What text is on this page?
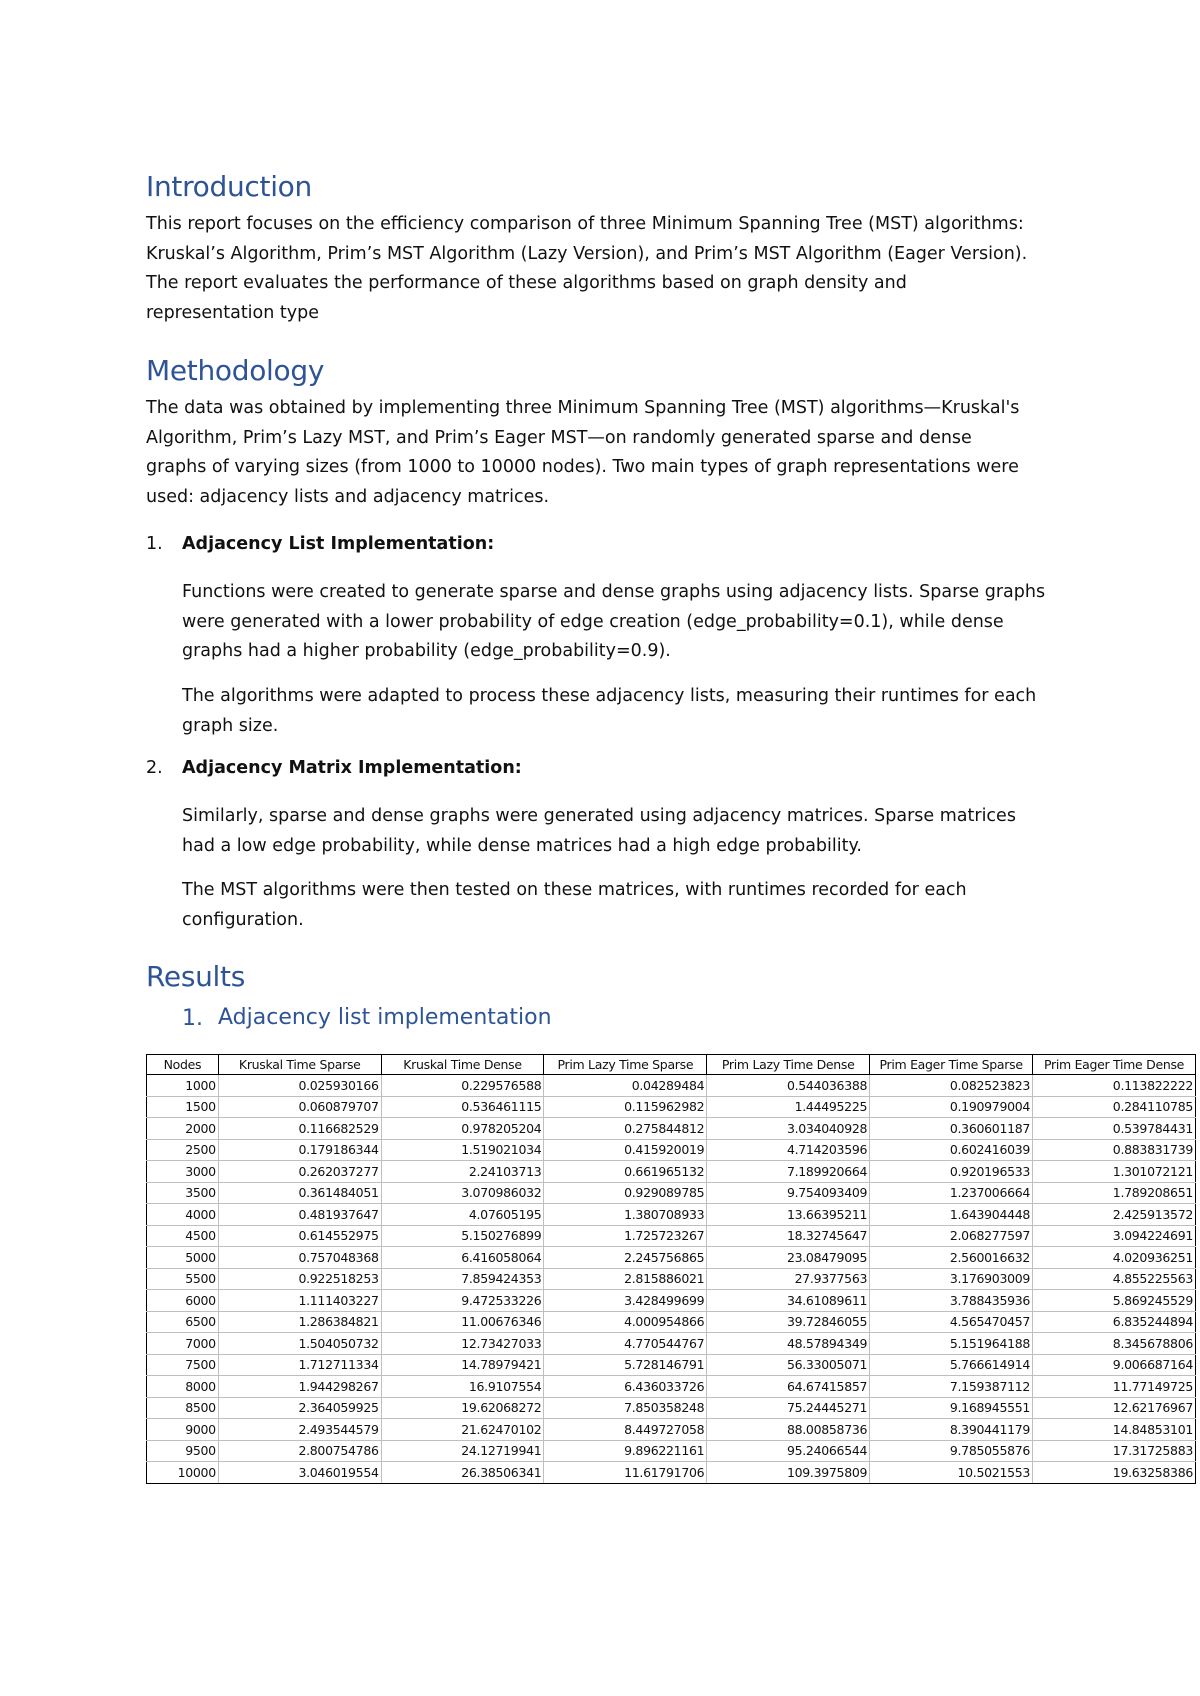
Introduction

This report focuses on the efficiency comparison of three Minimum Spanning Tree (MST) algorithms:
Kruskal’s Algorithm, Prim’s MST Algorithm (Lazy Version), and Prim’s MST Algorithm (Eager Version).
The report evaluates the performance of these algorithms based on graph density and
representation type

Methodology

The data was obtained by implementing three Minimum Spanning Tree (MST) algorithms—Kruskal's
Algorithm, Prim’s Lazy MST, and Prim’s Eager MST—on randomly generated sparse and dense
graphs of varying sizes (from 1000 to 10000 nodes). Two main types of graph representations were
used: adjacency lists and adjacency matrices.

1. Adjacency List Implementation:

Functions were created to generate sparse and dense graphs using adjacency lists. Sparse graphs
were generated with a lower probability of edge creation (edge_probability=0.1), while dense
graphs had a higher probability (edge_probability=0.9).

The algorithms were adapted to process these adjacency lists, measuring their runtimes for each
graph size.

2. Adjacency Matrix Implementation:

Similarly, sparse and dense graphs were generated using adjacency matrices. Sparse matrices
had a low edge probability, while dense matrices had a high edge probability.

The MST algorithms were then tested on these matrices, with runtimes recorded for each
configuration.

Results
1. Adjacency list implementation
Nodes	Kruskal Time Sparse	Kruskal Time Dense	Prim Lazy Time Sparse	Prim Lazy Time Dense	Prim Eager Time Sparse	Prim Eager Time Dense
1000	0.025930166	0.229576588	0.04289484	0.544036388	0.082523823	0.113822222
1500	0.060879707	0.536461115	0.115962982	1.44495225	0.190979004	0.284110785
2000	0.116682529	0.978205204	0.275844812	3.034040928	0.360601187	0.539784431
2500	0.179186344	1.519021034	0.415920019	4.714203596	0.602416039	0.883831739
3000	0.262037277	2.24103713	0.661965132	7.189920664	0.920196533	1.301072121
3500	0.361484051	3.070986032	0.929089785	9.754093409	1.237006664	1.789208651
4000	0.481937647	4.07605195	1.380708933	13.66395211	1.643904448	2.425913572
4500	0.614552975	5.150276899	1.725723267	18.32745647	2.068277597	3.094224691
5000	0.757048368	6.416058064	2.245756865	23.08479095	2.560016632	4.020936251
5500	0.922518253	7.859424353	2.815886021	27.9377563	3.176903009	4.855225563
6000	1.111403227	9.472533226	3.428499699	34.61089611	3.788435936	5.869245529
6500	1.286384821	11.00676346	4.000954866	39.72846055	4.565470457	6.835244894
7000	1.504050732	12.73427033	4.770544767	48.57894349	5.151964188	8.345678806
7500	1.712711334	14.78979421	5.728146791	56.33005071	5.766614914	9.006687164
8000	1.944298267	16.9107554	6.436033726	64.67415857	7.159387112	11.77149725
8500	2.364059925	19.62068272	7.850358248	75.24445271	9.168945551	12.62176967
9000	2.493544579	21.62470102	8.449727058	88.00858736	8.390441179	14.84853101
9500	2.800754786	24.12719941	9.896221161	95.24066544	9.785055876	17.31725883
10000	3.046019554	26.38506341	11.61791706	109.3975809	10.5021553	19.63258386
